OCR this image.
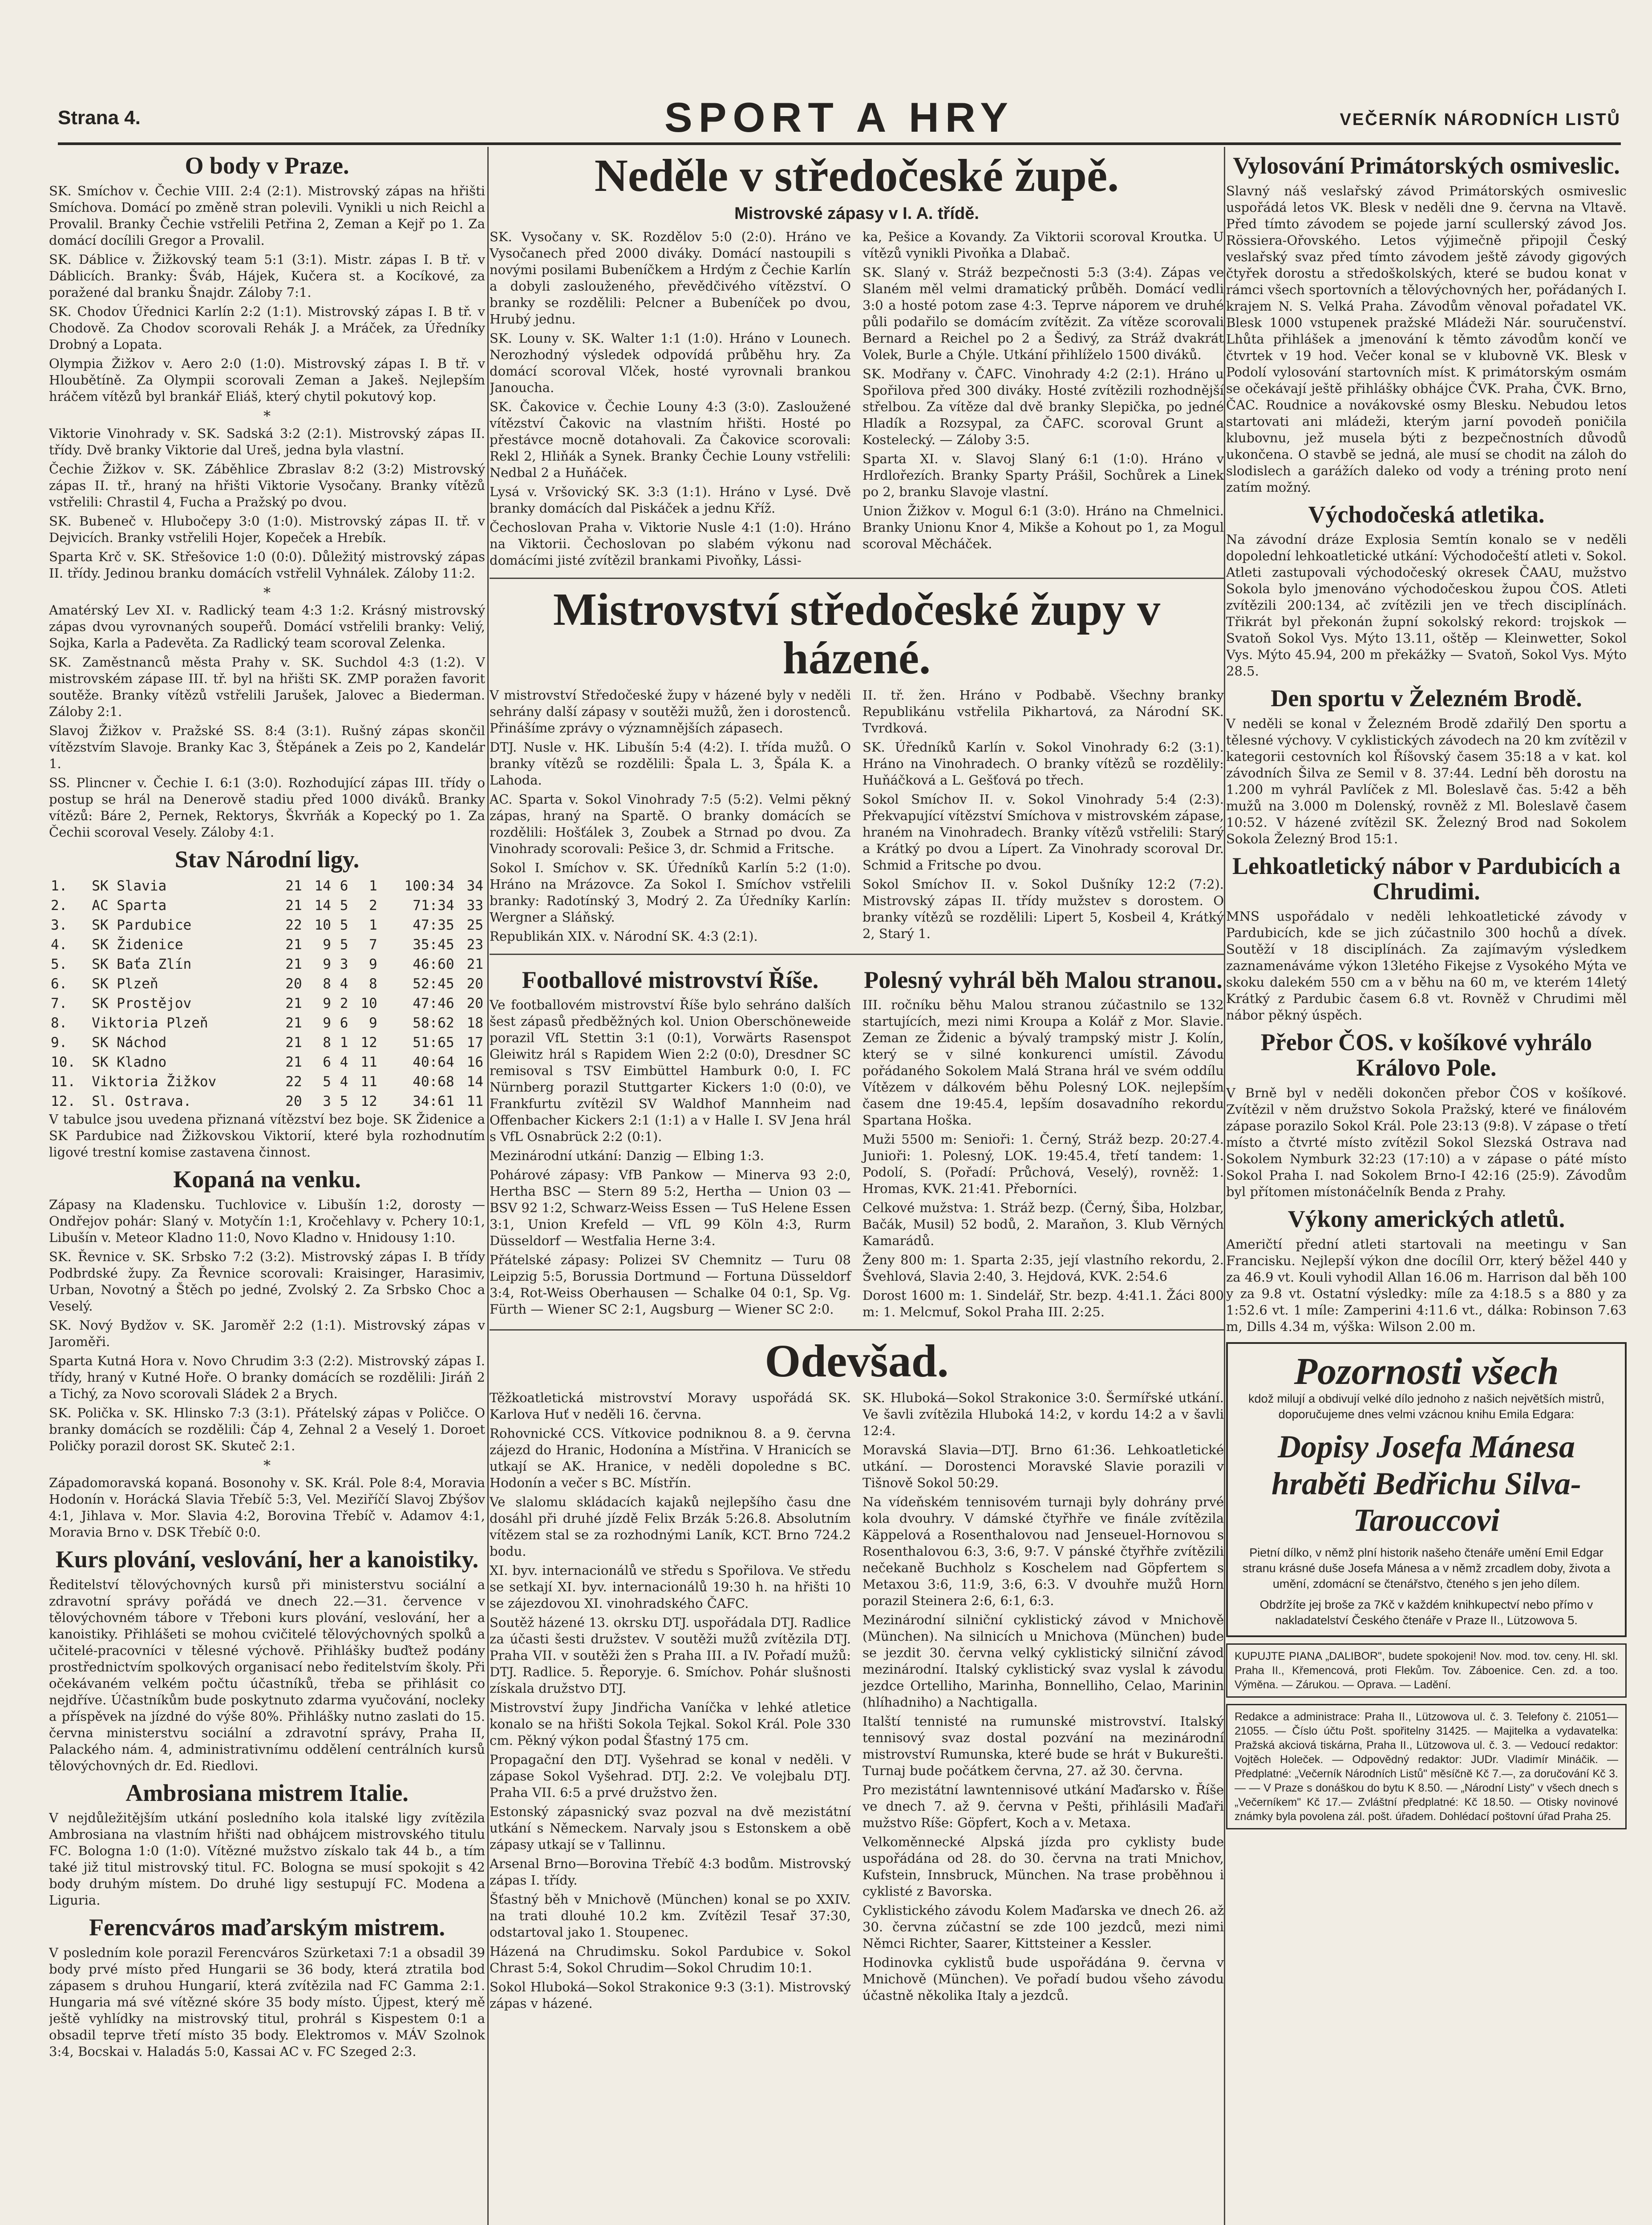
Strana 4.	SPORT A HRY	VEČERNÍK NÁRODNÍCH LISTŮ
O body v Praze.
SK. Smíchov v. Čechie VIII. 2:4 (2:1). Mistrovský zápas na hřišti Smíchova. Domácí po změně stran polevili. Vynikli u nich Reichl a Provalil. Branky Čechie vstřelili Petřina 2, Zeman a Kejř po 1. Za domácí docílili Gregor a Provalil.
SK. Dáblice v. Žižkovský team 5:1 (3:1). Mistr. zápas I. B tř. v Dáblicích. Branky: Šváb, Hájek, Kučera st. a Kocíkové, za poražené dal branku Šnajdr. Záloby 7:1.
SK. Chodov Úřednici Karlín 2:2 (1:1). Mistrovský zápas I. B tř. v Chodově. Za Chodov scorovali Rehák J. a Mráček, za Úředníky Drobný a Lopata.
Olympia Žižkov v. Aero 2:0 (1:0). Mistrovský zápas I. B tř. v Hloubětíně. Za Olympii scorovali Zeman a Jakeš. Nejlepším hráčem vítězů byl brankář Eliáš, který chytil pokutový kop.
*
Viktorie Vinohrady v. SK. Sadská 3:2 (2:1). Mistrovský zápas II. třídy. Dvě branky Viktorie dal Ureš, jedna byla vlastní.
Čechie Žižkov v. SK. Záběhlice Zbraslav 8:2 (3:2) Mistrovský zápas II. tř., hraný na hřišti Viktorie Vysočany. Branky vítězů vstřelili: Chrastil 4, Fucha a Pražský po dvou.
SK. Bubeneč v. Hlubočepy 3:0 (1:0). Mistrovský zápas II. tř. v Dejvicích. Branky vstřelili Hojer, Kopeček a Hrebík.
Sparta Krč v. SK. Střešovice 1:0 (0:0). Důležitý mistrovský zápas II. třídy. Jedinou branku domácích vstřelil Vyhnálek. Záloby 11:2.
*
Amatérský Lev XI. v. Radlický team 4:3 1:2. Krásný mistrovský zápas dvou vyrovnaných soupeřů. Domácí vstřelili branky: Veliý, Sojka, Karla a Padevěta. Za Radlický team scoroval Zelenka.
SK. Zaměstnanců města Prahy v. SK. Suchdol 4:3 (1:2). V mistrovském zápase III. tř. byl na hřišti SK. ZMP poražen favorit soutěže. Branky vítězů vstřelili Jarušek, Jalovec a Biederman. Záloby 2:1.
Slavoj Žižkov v. Pražské SS. 8:4 (3:1). Rušný zápas skončil vítězstvím Slavoje. Branky Kac 3, Štěpánek a Zeis po 2, Kandelár 1.
SS. Plincner v. Čechie I. 6:1 (3:0). Rozhodující zápas III. třídy o postup se hrál na Denerově stadiu před 1000 diváků. Branky vítězů: Báre 2, Pernek, Rektorys, Škvrňák a Kopecký po 1. Za Čechii scoroval Vesely. Záloby 4:1.
Stav Národní ligy.
1.	SK Slavia	21	14	6	1	100:34	34
2.	AC Sparta	21	14	5	2	71:34	33
3.	SK Pardubice	22	10	5	1	47:35	25
4.	SK Židenice	21	9	5	7	35:45	23
5.	SK Baťa Zlín	21	9	3	9	46:60	21
6.	SK Plzeň	20	8	4	8	52:45	20
7.	SK Prostějov	21	9	2	10	47:46	20
8.	Viktoria Plzeň	21	9	6	9	58:62	18
9.	SK Náchod	21	8	1	12	51:65	17
10.	SK Kladno	21	6	4	11	40:64	16
11.	Viktoria Žižkov	22	5	4	11	40:68	14
12.	Sl. Ostrava.	20	3	5	12	34:61	11
V tabulce jsou uvedena přiznaná vítězství bez boje. SK Židenice a SK Pardubice nad Žižkovskou Viktorií, které byla rozhodnutím ligové trestní komise zastavena činnost.
Kopaná na venku.
Zápasy na Kladensku. Tuchlovice v. Libušín 1:2, dorosty — Ondřejov pohár: Slaný v. Motyčín 1:1, Kročehlavy v. Pchery 10:1, Libušín v. Meteor Kladno 11:0, Novo Kladno v. Hnidousy 1:10.
SK. Řevnice v. SK. Srbsko 7:2 (3:2). Mistrovský zápas I. B třídy Podbrdské župy. Za Řevnice scorovali: Kraisinger, Harasimiv, Urban, Novotný a Štěch po jedné, Zvolský 2. Za Srbsko Choc a Veselý.
SK. Nový Bydžov v. SK. Jaroměř 2:2 (1:1). Mistrovský zápas v Jaroměři.
Sparta Kutná Hora v. Novo Chrudim 3:3 (2:2). Mistrovský zápas I. třídy, hraný v Kutné Hoře. O branky domácích se rozdělili: Jiráň 2 a Tichý, za Novo scorovali Sládek 2 a Brych.
SK. Polička v. SK. Hlinsko 7:3 (3:1). Přátelský zápas v Poličce. O branky domácích se rozdělili: Čáp 4, Zehnal 2 a Veselý 1. Doroet Poličky porazil dorost SK. Skuteč 2:1.
*
Západomoravská kopaná. Bosonohy v. SK. Král. Pole 8:4, Moravia Hodonín v. Horácká Slavia Třebíč 5:3, Vel. Meziříčí Slavoj Zbýšov 4:1, Jihlava v. Mor. Slavia 4:2, Borovina Třebíč v. Adamov 4:1, Moravia Brno v. DSK Třebíč 0:0.
Kurs plování, veslování, her a kanoistiky.
Ředitelství tělovýchovných kursů při ministerstvu sociální a zdravotní správy pořádá ve dnech 22.—31. července v tělovýchovném tábore v Třeboni kurs plování, veslování, her a kanoistiky. Přihlášeti se mohou cvičitelé tělovýchovných spolků a učitelé-pracovníci v tělesné výchově. Přihlášky buďtež podány prostřednictvím spolkových organisací nebo ředitelstvím školy. Při očekávaném velkém počtu účastníků, třeba se přihlásit co nejdříve. Účastníkům bude poskytnuto zdarma vyučování, nocleky a příspěvek na jízdné do výše 80%. Přihlášky nutno zaslati do 15. června ministerstvu sociální a zdravotní správy, Praha II, Palackého nám. 4, administrativnímu oddělení centrálních kursů tělovýchovných dr. Ed. Riedlovi.
Ambrosiana mistrem Italie.
V nejdůležitějším utkání posledního kola italské ligy zvítězila Ambrosiana na vlastním hřišti nad obhájcem mistrovského titulu FC. Bologna 1:0 (1:0). Vítězné mužstvo získalo tak 44 b., a tím také již titul mistrovský titul. FC. Bologna se musí spokojit s 42 body druhým místem. Do druhé ligy sestupují FC. Modena a Liguria.
Ferencváros maďarským mistrem.
V posledním kole porazil Ferencváros Szürketaxi 7:1 a obsadil 39 body prvé místo před Hungarii se 36 body, která ztratila bod zápasem s druhou Hungarií, která zvítězila nad FC Gamma 2:1. Hungaria má své vítězné skóre 35 body místo. Újpest, který mě ještě vyhlídky na mistrovský titul, prohrál s Kispestem 0:1 a obsadil teprve třetí místo 35 body. Elektromos v. MÁV Szolnok 3:4, Bocskai v. Haladás 5:0, Kassai AC v. FC Szeged 2:3.
Neděle v středočeské župě.
Mistrovské zápasy v I. A. třídě.
SK. Vysočany v. SK. Rozdělov 5:0 (2:0). Hráno ve Vysočanech před 2000 diváky. Domácí nastoupili s novými posilami Bubeníčkem a Hrdým z Čechie Karlín a dobyli zaslouženého, převědčivého vítězství. O branky se rozdělili: Pelcner a Bubeníček po dvou, Hrubý jednu.
SK. Louny v. SK. Walter 1:1 (1:0). Hráno v Lounech. Nerozhodný výsledek odpovídá průběhu hry. Za domácí scoroval Vlček, hosté vyrovnali brankou Janoucha.
SK. Čakovice v. Čechie Louny 4:3 (3:0). Zasloužené vítězství Čakovic na vlastním hřišti. Hosté po přestávce mocně dotahovali. Za Čakovice scorovali: Rekl 2, Hliňák a Synek. Branky Čechie Louny vstřelili: Nedbal 2 a Huňáček.
Lysá v. Vršovický SK. 3:3 (1:1). Hráno v Lysé. Dvě branky domácích dal Piskáček a jednu Kříž.
Čechoslovan Praha v. Viktorie Nusle 4:1 (1:0). Hráno na Viktorii. Čechoslovan po slabém výkonu nad domácími jisté zvítězil brankami Pivoňky, Lássi-
ka, Pešice a Kovandy. Za Viktorii scoroval Kroutka. U vítězů vynikli Pivoňka a Dlabač.
SK. Slaný v. Stráž bezpečnosti 5:3 (3:4). Zápas ve Slaném měl velmi dramatický průběh. Domácí vedli 3:0 a hosté potom zase 4:3. Teprve náporem ve druhé půli podařilo se domácím zvítězit. Za vítěze scorovali Bernard a Reichel po 2 a Šedivý, za Stráž dvakrát Volek, Burle a Chýle. Utkání přihlíželo 1500 diváků.
SK. Modřany v. ČAFC. Vinohrady 4:2 (2:1). Hráno u Spořilova před 300 diváky. Hosté zvítězili rozhodnější střelbou. Za vítěze dal dvě branky Slepička, po jedné Hladík a Rozsypal, za ČAFC. scoroval Grunt a Kostelecký. — Záloby 3:5.
Sparta XI. v. Slavoj Slaný 6:1 (1:0). Hráno v Hrdlořezích. Branky Sparty Prášil, Sochůrek a Linek po 2, branku Slavoje vlastní.
Union Žižkov v. Mogul 6:1 (3:0). Hráno na Chmelnici. Branky Unionu Knor 4, Mikše a Kohout po 1, za Mogul scoroval Měcháček.
Mistrovství středočeské župy v házené.
V mistrovství Středočeské župy v házené byly v neděli sehrány další zápasy v soutěži mužů, žen i dorostenců. Přinášíme zprávy o významnějších zápasech.
DTJ. Nusle v. HK. Libušín 5:4 (4:2). I. třída mužů. O branky vítězů se rozdělili: Špala L. 3, Špála K. a Lahoda.
AC. Sparta v. Sokol Vinohrady 7:5 (5:2). Velmi pěkný zápas, hraný na Spartě. O branky domácích se rozdělili: Hošťálek 3, Zoubek a Strnad po dvou. Za Vinohrady scorovali: Pešice 3, dr. Schmid a Fritsche.
Sokol I. Smíchov v. SK. Úředníků Karlín 5:2 (1:0). Hráno na Mrázovce. Za Sokol I. Smíchov vstřelili branky: Radotínský 3, Modrý 2. Za Úředníky Karlín: Wergner a Sláňský.
Republikán XIX. v. Národní SK. 4:3 (2:1).
II. tř. žen. Hráno v Podbabě. Všechny branky Republikánu vstřelila Pikhartová, za Národní SK. Tvrdková.
SK. Úředníků Karlín v. Sokol Vinohrady 6:2 (3:1). Hráno na Vinohradech. O branky vítězů se rozdělily: Huňáčková a L. Gešťová po třech.
Sokol Smíchov II. v. Sokol Vinohrady 5:4 (2:3). Překvapující vítězství Smíchova v mistrovském zápase, hraném na Vinohradech. Branky vítězů vstřelili: Starý a Krátký po dvou a Lípert. Za Vinohrady scoroval Dr. Schmid a Fritsche po dvou.
Sokol Smíchov II. v. Sokol Dušníky 12:2 (7:2). Mistrovský zápas II. třídy mužstev s dorostem. O branky vítězů se rozdělili: Lipert 5, Kosbeil 4, Krátký 2, Starý 1.
Footballové mistrovství Říše.
Ve footballovém mistrovství Říše bylo sehráno dalších šest zápasů předběžných kol. Union Oberschöneweide porazil VfL Stettin 3:1 (0:1), Vorwärts Rasenspot Gleiwitz hrál s Rapidem Wien 2:2 (0:0), Dresdner SC remisoval s TSV Eimbüttel Hamburk 0:0, I. FC Nürnberg porazil Stuttgarter Kickers 1:0 (0:0), ve Frankfurtu zvítězil SV Waldhof Mannheim nad Offenbacher Kickers 2:1 (1:1) a v Halle I. SV Jena hrál s VfL Osnabrück 2:2 (0:1).
Mezinárodní utkání: Danzig — Elbing 1:3.
Pohárové zápasy: VfB Pankow — Minerva 93 2:0, Hertha BSC — Stern 89 5:2, Hertha — Union 03 — BSV 92 1:2, Schwarz-Weiss Essen — TuS Helene Essen 3:1, Union Krefeld — VfL 99 Köln 4:3, Rurm Düsseldorf — Westfalia Herne 3:4.
Přátelské zápasy: Polizei SV Chemnitz — Turu 08 Leipzig 5:5, Borussia Dortmund — Fortuna Düsseldorf 3:4, Rot-Weiss Oberhausen — Schalke 04 0:1, Sp. Vg. Fürth — Wiener SC 2:1, Augsburg — Wiener SC 2:0.
Polesný vyhrál běh Malou stranou.
III. ročníku běhu Malou stranou zúčastnilo se 132 startujících, mezi nimi Kroupa a Kolář z Mor. Slavie. Zeman ze Židenic a bývalý trampský mistr J. Kolín, který se v silné konkurenci umístil. Závodu pořádaného Sokolem Malá Strana hrál ve svém oddílu Vítězem v dálkovém běhu Polesný LOK. nejlepším časem dne 19:45.4, lepším dosavadního rekordu Spartana Hoška.
Muži 5500 m: Senioři: 1. Černý, Stráž bezp. 20:27.4. Junioři: 1. Polesný, LOK. 19:45.4, třetí tandem: 1. Podolí, S. (Pořadí: Průchová, Veselý), rovněž: 1. Hromas, KVK. 21:41. Přeborníci.
Celkové mužstva: 1. Stráž bezp. (Černý, Šiba, Holzbar, Bačák, Musil) 52 bodů, 2. Maraňon, 3. Klub Věrných Kamarádů.
Ženy 800 m: 1. Sparta 2:35, její vlastního rekordu, 2. Švehlová, Slavia 2:40, 3. Hejdová, KVK. 2:54.6
Dorost 1600 m: 1. Sindelář, Str. bezp. 4:41.1. Žáci 800 m: 1. Melcmuf, Sokol Praha III. 2:25.
Odevšad.
Těžkoatletická mistrovství Moravy uspořádá SK. Karlova Huť v neděli 16. června.
Rohovnické CCS. Vítkovice podniknou 8. a 9. června zájezd do Hranic, Hodonína a Místřina. V Hranicích se utkají se AK. Hranice, v neděli dopoledne s BC. Hodonín a večer s BC. Místřín.
Ve slalomu skládacích kajaků nejlepšího času dne dosáhl při druhé jízdě Felix Brzák 5:26.8. Absolutním vítězem stal se za rozhodnými Laník, KCT. Brno 724.2 bodu.
XI. byv. internacionálů ve středu s Spořilova. Ve středu se setkají XI. byv. internacionálů 19:30 h. na hřišti 10 se zájezdovou XI. vinohradského ČAFC.
Soutěž házené 13. okrsku DTJ. uspořádala DTJ. Radlice za účasti šesti družstev. V soutěži mužů zvítězila DTJ. Praha VII. v soutěži žen s Praha III. a IV. Pořadí mužů: DTJ. Radlice. 5. Řeporyje. 6. Smíchov. Pohár slušnosti získala družstvo DTJ.
Mistrovství župy Jindřicha Vaníčka v lehké atletice konalo se na hřišti Sokola Tejkal. Sokol Král. Pole 330 cm. Pěkný výkon podal Šťastný 175 cm.
Propagační den DTJ. Vyšehrad se konal v neděli. V zápase Sokol Vyšehrad. DTJ. 2:2. Ve volejbalu DTJ. Praha VII. 6:5 a prvé družstvo žen.
Estonský zápasnický svaz pozval na dvě mezistátní utkání s Německem. Narvaly jsou s Estonskem a obě zápasy utkají se v Tallinnu.
Arsenal Brno—Borovina Třebíč 4:3 bodům. Mistrovský zápas I. třídy.
Šťastný běh v Mnichově (München) konal se po XXIV. na trati dlouhé 10.2 km. Zvítězil Tesař 37:30, odstartoval jako 1. Stoupenec.
Házená na Chrudimsku. Sokol Pardubice v. Sokol Chrast 5:4, Sokol Chrudim—Sokol Chrudim 10:1.
Sokol Hluboká—Sokol Strakonice 9:3 (3:1). Mistrovský zápas v házené.
SK. Hluboká—Sokol Strakonice 3:0. Šermířské utkání. Ve šavli zvítězila Hluboká 14:2, v kordu 14:2 a v šavli 12:4.
Moravská Slavia—DTJ. Brno 61:36. Lehkoatletické utkání. — Dorostenci Moravské Slavie porazili v Tišnově Sokol 50:29.
Na vídeňském tennisovém turnaji byly dohrány prvé kola dvouhry. V dámské čtyřhře ve finále zvítězila Käppelová a Rosenthalovou nad Jenseuel-Hornovou s Rosenthalovou 6:3, 3:6, 9:7. V pánské čtyřhře zvítězili nečekaně Buchholz s Koschelem nad Göpfertem s Metaxou 3:6, 11:9, 3:6, 6:3. V dvouhře mužů Horn porazil Steinera 2:6, 6:1, 6:3.
Mezinárodní silniční cyklistický závod v Mnichově (München). Na silnicích u Mnichova (München) bude se jezdit 30. června velký cyklistický silniční závod mezinárodní. Italský cyklistický svaz vyslal k závodu jezdce Ortelliho, Marinha, Bonnelliho, Celao, Marinin (hlíhadniho) a Nachtigalla.
Italští tennisté na rumunské mistrovství. Italský tennisový svaz dostal pozvání na mezinárodní mistrovství Rumunska, které bude se hrát v Bukurešti. Turnaj bude počátkem června, 27. až 30. června.
Pro mezistátní lawntennisové utkání Maďarsko v. Říše ve dnech 7. až 9. června v Pešti, přihlásili Maďaři mužstvo Ríše: Göpfert, Koch a v. Metaxa.
Velkoměnnecké Alpská jízda pro cyklisty bude uspořádána od 28. do 30. června na trati Mnichov, Kufstein, Innsbruck, München. Na trase proběhnou i cyklisté z Bavorska.
Cyklistického závodu Kolem Maďarska ve dnech 26. až 30. června zúčastní se zde 100 jezdců, mezi nimi Němci Richter, Saarer, Kittsteiner a Kessler.
Hodinovka cyklistů bude uspořádána 9. června v Mnichově (München). Ve pořadí budou všeho závodu účastně několika Italy a jezdců.
Vylosování Primátorských osmiveslic.
Slavný náš veslařský závod Primátorských osmiveslic uspořádá letos VK. Blesk v neděli dne 9. června na Vltavě. Před tímto závodem se pojede jarní scullerský závod Jos. Rössiera-Ořovského. Letos výjimečně připojil Český veslařský svaz před tímto závodem ještě závody gigových čtyřek dorostu a středoškolských, které se budou konat v rámci všech sportovních a tělovýchovných her, pořádaných I. krajem N. S. Velká Praha. Závodům věnoval pořadatel VK. Blesk 1000 vstupenek pražské Mládeži Nár. souručenství. Lhůta přihlášek a jmenování k těmto závodům končí ve čtvrtek v 19 hod. Večer konal se v klubovně VK. Blesk v Podolí vylosování startovních míst. K primátorským osmám se očekávají ještě přihlášky obhájce ČVK. Praha, ČVK. Brno, ČAC. Roudnice a novákovské osmy Blesku. Nebudou letos startovati ani mládeži, kterým jarní povodeň poničila klubovnu, jež musela býti z bezpečnostních důvodů ukončena. O stavbě se jedná, ale musí se chodit na záloh do slodislech a garážích daleko od vody a tréning proto není zatím možný.
Východočeská atletika.
Na závodní dráze Explosia Semtín konalo se v neděli dopolední lehkoatletické utkání: Východočeští atleti v. Sokol. Atleti zastupovali východočeský okresek ČAAU, mužstvo Sokola bylo jmenováno východočeskou župou ČOS. Atleti zvítězili 200:134, ač zvítězili jen ve třech disciplínách. Třikrát byl překonán župní sokolský rekord: trojskok — Svatoň Sokol Vys. Mýto 13.11, oštěp — Kleinwetter, Sokol Vys. Mýto 45.94, 200 m překážky — Svatoň, Sokol Vys. Mýto 28.5.
Den sportu v Železném Brodě.
V neděli se konal v Železném Brodě zdařilý Den sportu a tělesné výchovy. V cyklistických závodech na 20 km zvítězil v kategorii cestovních kol Říšovský časem 35:18 a v kat. kol závodních Šilva ze Semil v 8. 37:44. Lední běh dorostu na 1.200 m vyhrál Pavlíček z Ml. Boleslavě čas. 5:42 a běh mužů na 3.000 m Dolenský, rovněž z Ml. Boleslavě časem 10:52. V házené zvítězil SK. Železný Brod nad Sokolem Sokola Železný Brod 15:1.
Lehkoatletický nábor v Pardubicích a Chrudimi.
MNS uspořádalo v neděli lehkoatletické závody v Pardubicích, kde se jich zúčastnilo 300 hochů a dívek. Soutěží v 18 disciplínách. Za zajímavým výsledkem zaznamenáváme výkon 13letého Fikejse z Vysokého Mýta ve skoku dalekém 550 cm a v běhu na 60 m, ve kterém 14letý Krátký z Pardubic časem 6.8 vt. Rovněž v Chrudimi měl nábor pěkný úspěch.
Přebor ČOS. v košíkové vyhrálo Královo Pole.
V Brně byl v neděli dokončen přebor ČOS v košíkové. Zvítězil v něm družstvo Sokola Pražský, které ve finálovém zápase porazilo Sokol Král. Pole 23:13 (9:8). V zápase o třetí místo a čtvrté místo zvítězil Sokol Slezská Ostrava nad Sokolem Nymburk 32:23 (17:10) a v zápase o páté místo Sokol Praha I. nad Sokolem Brno-I 42:16 (25:9). Závodům byl přítomen místonáčelník Benda z Prahy.
Výkony amerických atletů.
Američtí přední atleti startovali na meetingu v San Francisku. Nejlepší výkon dne docílil Orr, který běžel 440 y za 46.9 vt. Kouli vyhodil Allan 16.06 m. Harrison dal běh 100 y za 9.8 vt. Ostatní výsledky: míle za 4:18.5 s a 880 y za 1:52.6 vt. 1 míle: Zamperini 4:11.6 vt., dálka: Robinson 7.63 m, Dills 4.34 m, výška: Wilson 2.00 m.
Pozornosti všech
kdož milují a obdivují velké dílo jednoho z našich největších mistrů, doporučujeme dnes velmi vzácnou knihu Emila Edgara:
Dopisy Josefa Mánesa hraběti Bedřichu Silva-Tarouccovi
Pietní dílko, v němž plní historik našeho čtenáře umění Emil Edgar stranu krásné duše Josefa Mánesa a v němž zrcadlem doby, života a umění, zdomácní se čtenářstvo, čteného s jen jeho dílem.
Obdržíte jej broše za 7Kč v každém knihkupectví nebo přímo v nakladatelství Českého čtenáře v Praze II., Lützowova 5.
KUPUJTE PIANA „DALIBOR", budete spokojeni! Nov. mod. tov. ceny. Hl. skl. Praha II., Křemencová, proti Flekům. Tov. Záboenice. Cen. zd. a too. Výměna. — Zárukou. — Oprava. — Ladění.
Redakce a administrace: Praha II., Lützowova ul. č. 3. Telefony č. 21051—21055. — Číslo účtu Pošt. spořitelny 31425. — Majitelka a vydavatelka: Pražská akciová tiskárna, Praha II., Lützowova ul. č. 3. — Vedoucí redaktor: Vojtěch Holeček. — Odpovědný redaktor: JUDr. Vladimír Mináčik. — Předplatné: „Večerník Národních Listů" měsíčně Kč 7.—, za doručování Kč 3.— — V Praze s donáškou do bytu K 8.50. — „Národní Listy" v všech dnech s „Večerníkem" Kč 17.— Zvláštní předplatné: Kč 18.50. — Otisky novinové známky byla povolena zál. pošt. úřadem. Dohlédací poštovní úřad Praha 25.
